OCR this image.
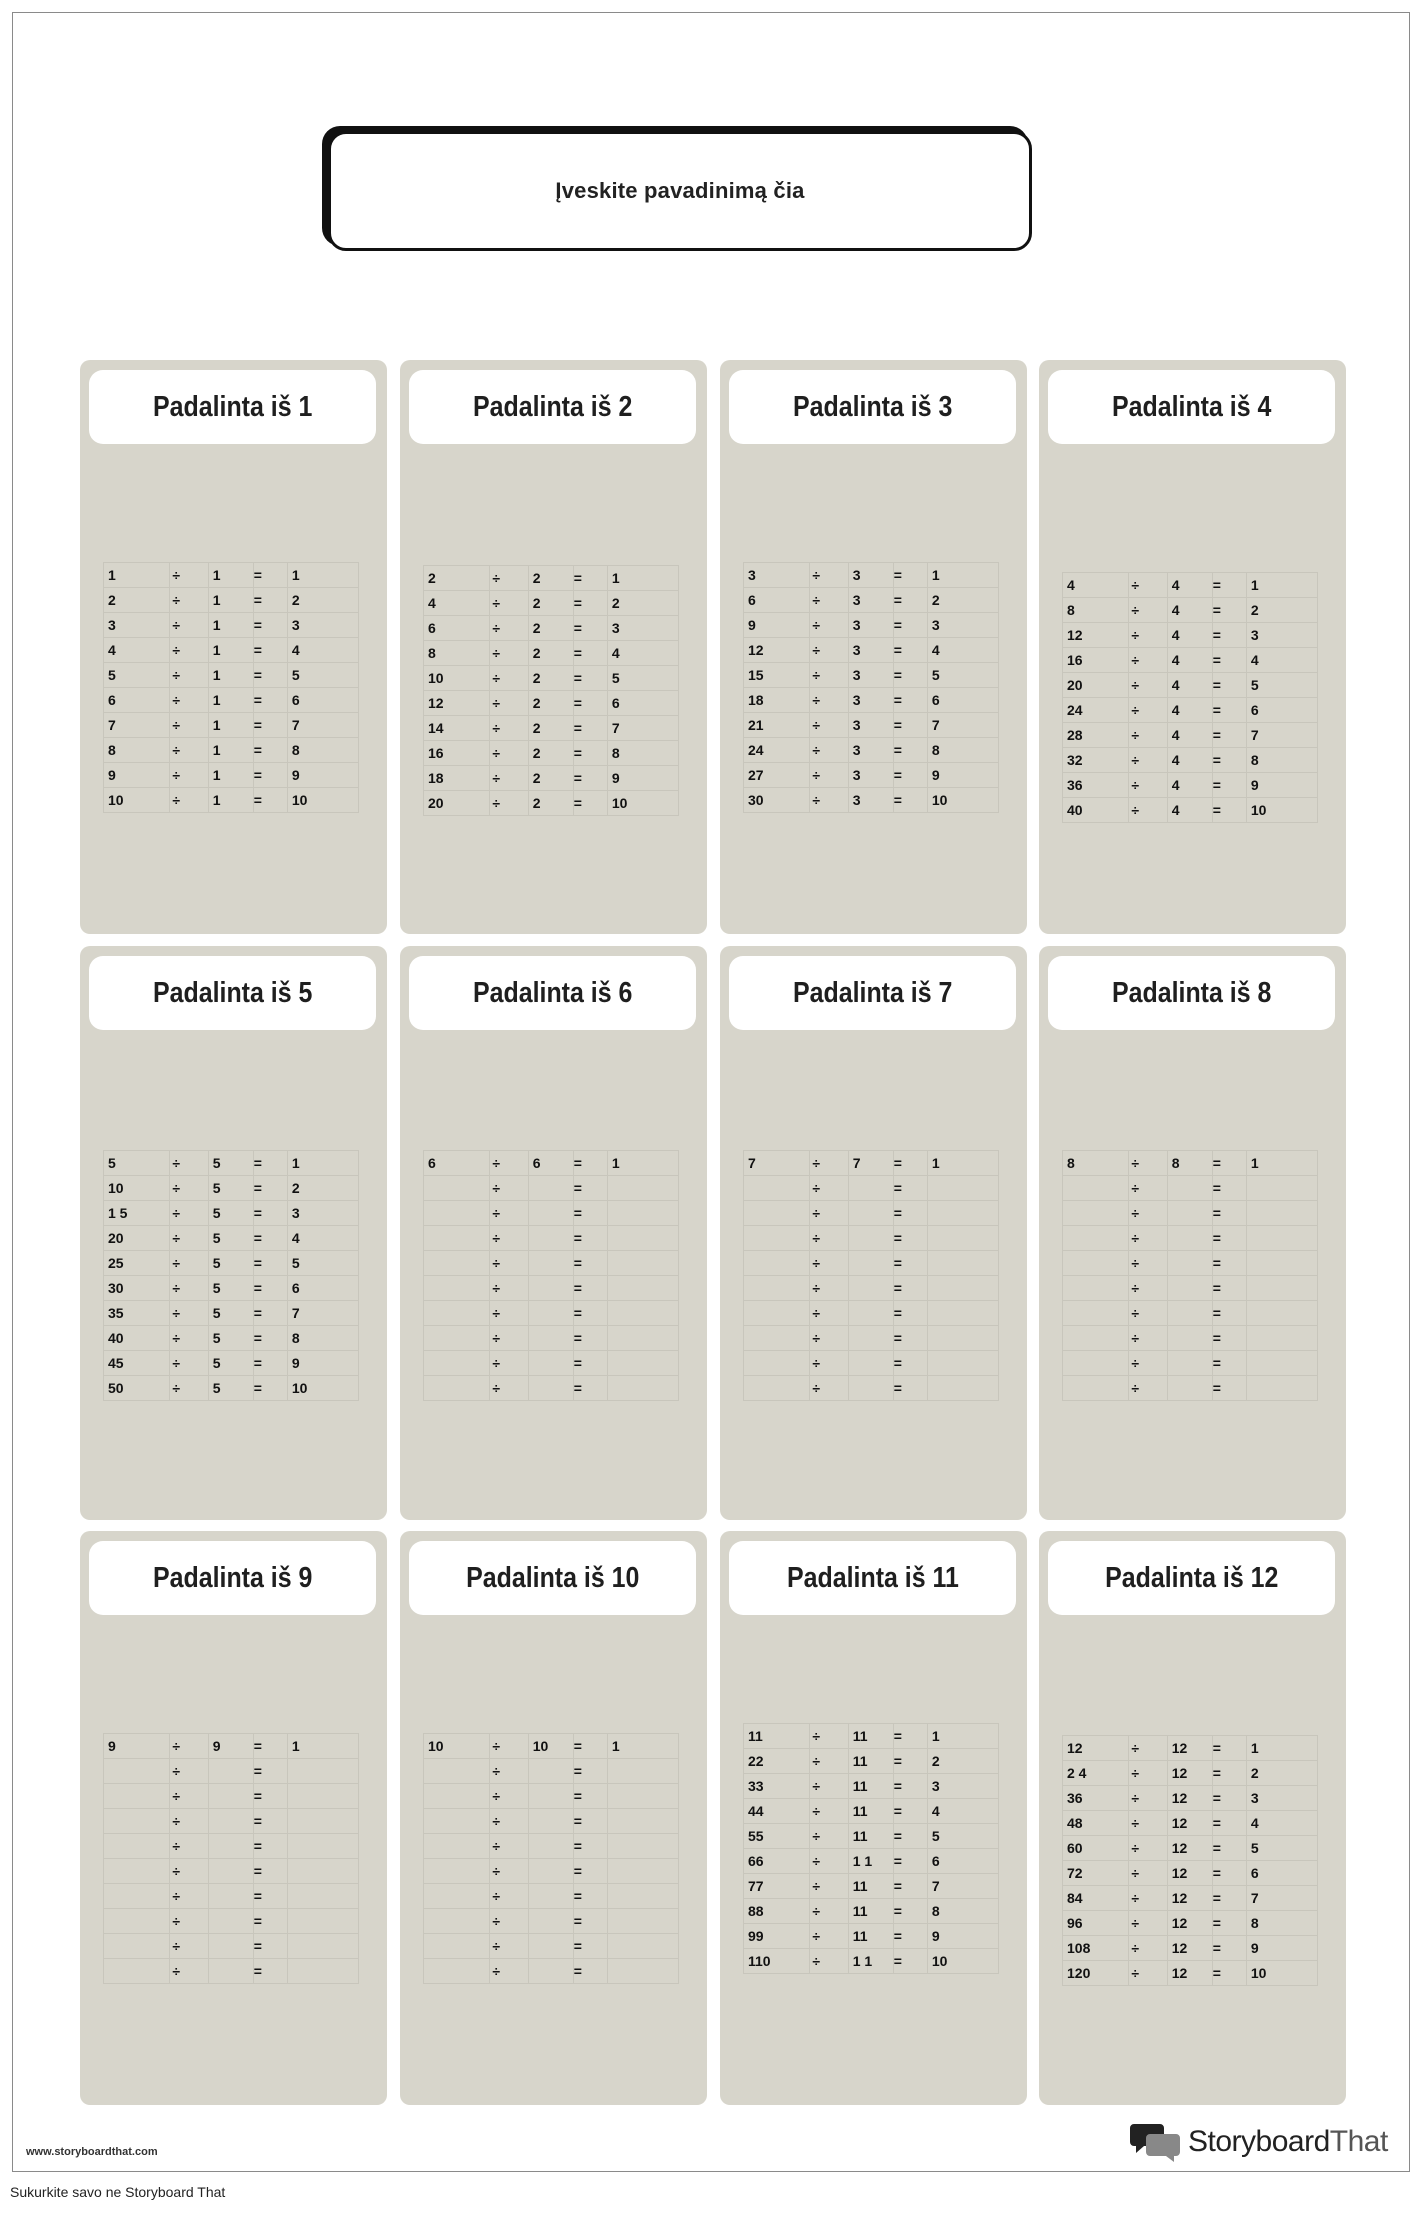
Įveskite pavadinimą čia
Padalinta iš 1
1	÷	1	=	1
2	÷	1	=	2
3	÷	1	=	3
4	÷	1	=	4
5	÷	1	=	5
6	÷	1	=	6
7	÷	1	=	7
8	÷	1	=	8
9	÷	1	=	9
10	÷	1	=	10
Padalinta iš 2
2	÷	2	=	1
4	÷	2	=	2
6	÷	2	=	3
8	÷	2	=	4
10	÷	2	=	5
12	÷	2	=	6
14	÷	2	=	7
16	÷	2	=	8
18	÷	2	=	9
20	÷	2	=	10
Padalinta iš 3
3	÷	3	=	1
6	÷	3	=	2
9	÷	3	=	3
12	÷	3	=	4
15	÷	3	=	5
18	÷	3	=	6
21	÷	3	=	7
24	÷	3	=	8
27	÷	3	=	9
30	÷	3	=	10
Padalinta iš 4
4	÷	4	=	1
8	÷	4	=	2
12	÷	4	=	3
16	÷	4	=	4
20	÷	4	=	5
24	÷	4	=	6
28	÷	4	=	7
32	÷	4	=	8
36	÷	4	=	9
40	÷	4	=	10
Padalinta iš 5
5	÷	5	=	1
10	÷	5	=	2
1 5	÷	5	=	3
20	÷	5	=	4
25	÷	5	=	5
30	÷	5	=	6
35	÷	5	=	7
40	÷	5	=	8
45	÷	5	=	9
50	÷	5	=	10
Padalinta iš 6
6	÷	6	=	1
	÷		=	
	÷		=	
	÷		=	
	÷		=	
	÷		=	
	÷		=	
	÷		=	
	÷		=	
	÷		=	
Padalinta iš 7
7	÷	7	=	1
	÷		=	
	÷		=	
	÷		=	
	÷		=	
	÷		=	
	÷		=	
	÷		=	
	÷		=	
	÷		=	
Padalinta iš 8
8	÷	8	=	1
	÷		=	
	÷		=	
	÷		=	
	÷		=	
	÷		=	
	÷		=	
	÷		=	
	÷		=	
	÷		=	
Padalinta iš 9
9	÷	9	=	1
	÷		=	
	÷		=	
	÷		=	
	÷		=	
	÷		=	
	÷		=	
	÷		=	
	÷		=	
	÷		=	
Padalinta iš 10
10	÷	10	=	1
	÷		=	
	÷		=	
	÷		=	
	÷		=	
	÷		=	
	÷		=	
	÷		=	
	÷		=	
	÷		=	
Padalinta iš 11
11	÷	11	=	1
22	÷	11	=	2
33	÷	11	=	3
44	÷	11	=	4
55	÷	11	=	5
66	÷	1 1	=	6
77	÷	11	=	7
88	÷	11	=	8
99	÷	11	=	9
110	÷	1 1	=	10
Padalinta iš 12
12	÷	12	=	1
2 4	÷	12	=	2
36	÷	12	=	3
48	÷	12	=	4
60	÷	12	=	5
72	÷	12	=	6
84	÷	12	=	7
96	÷	12	=	8
108	÷	12	=	9
120	÷	12	=	10
www.storyboardthat.com
Sukurkite savo ne Storyboard That
StoryboardThat
